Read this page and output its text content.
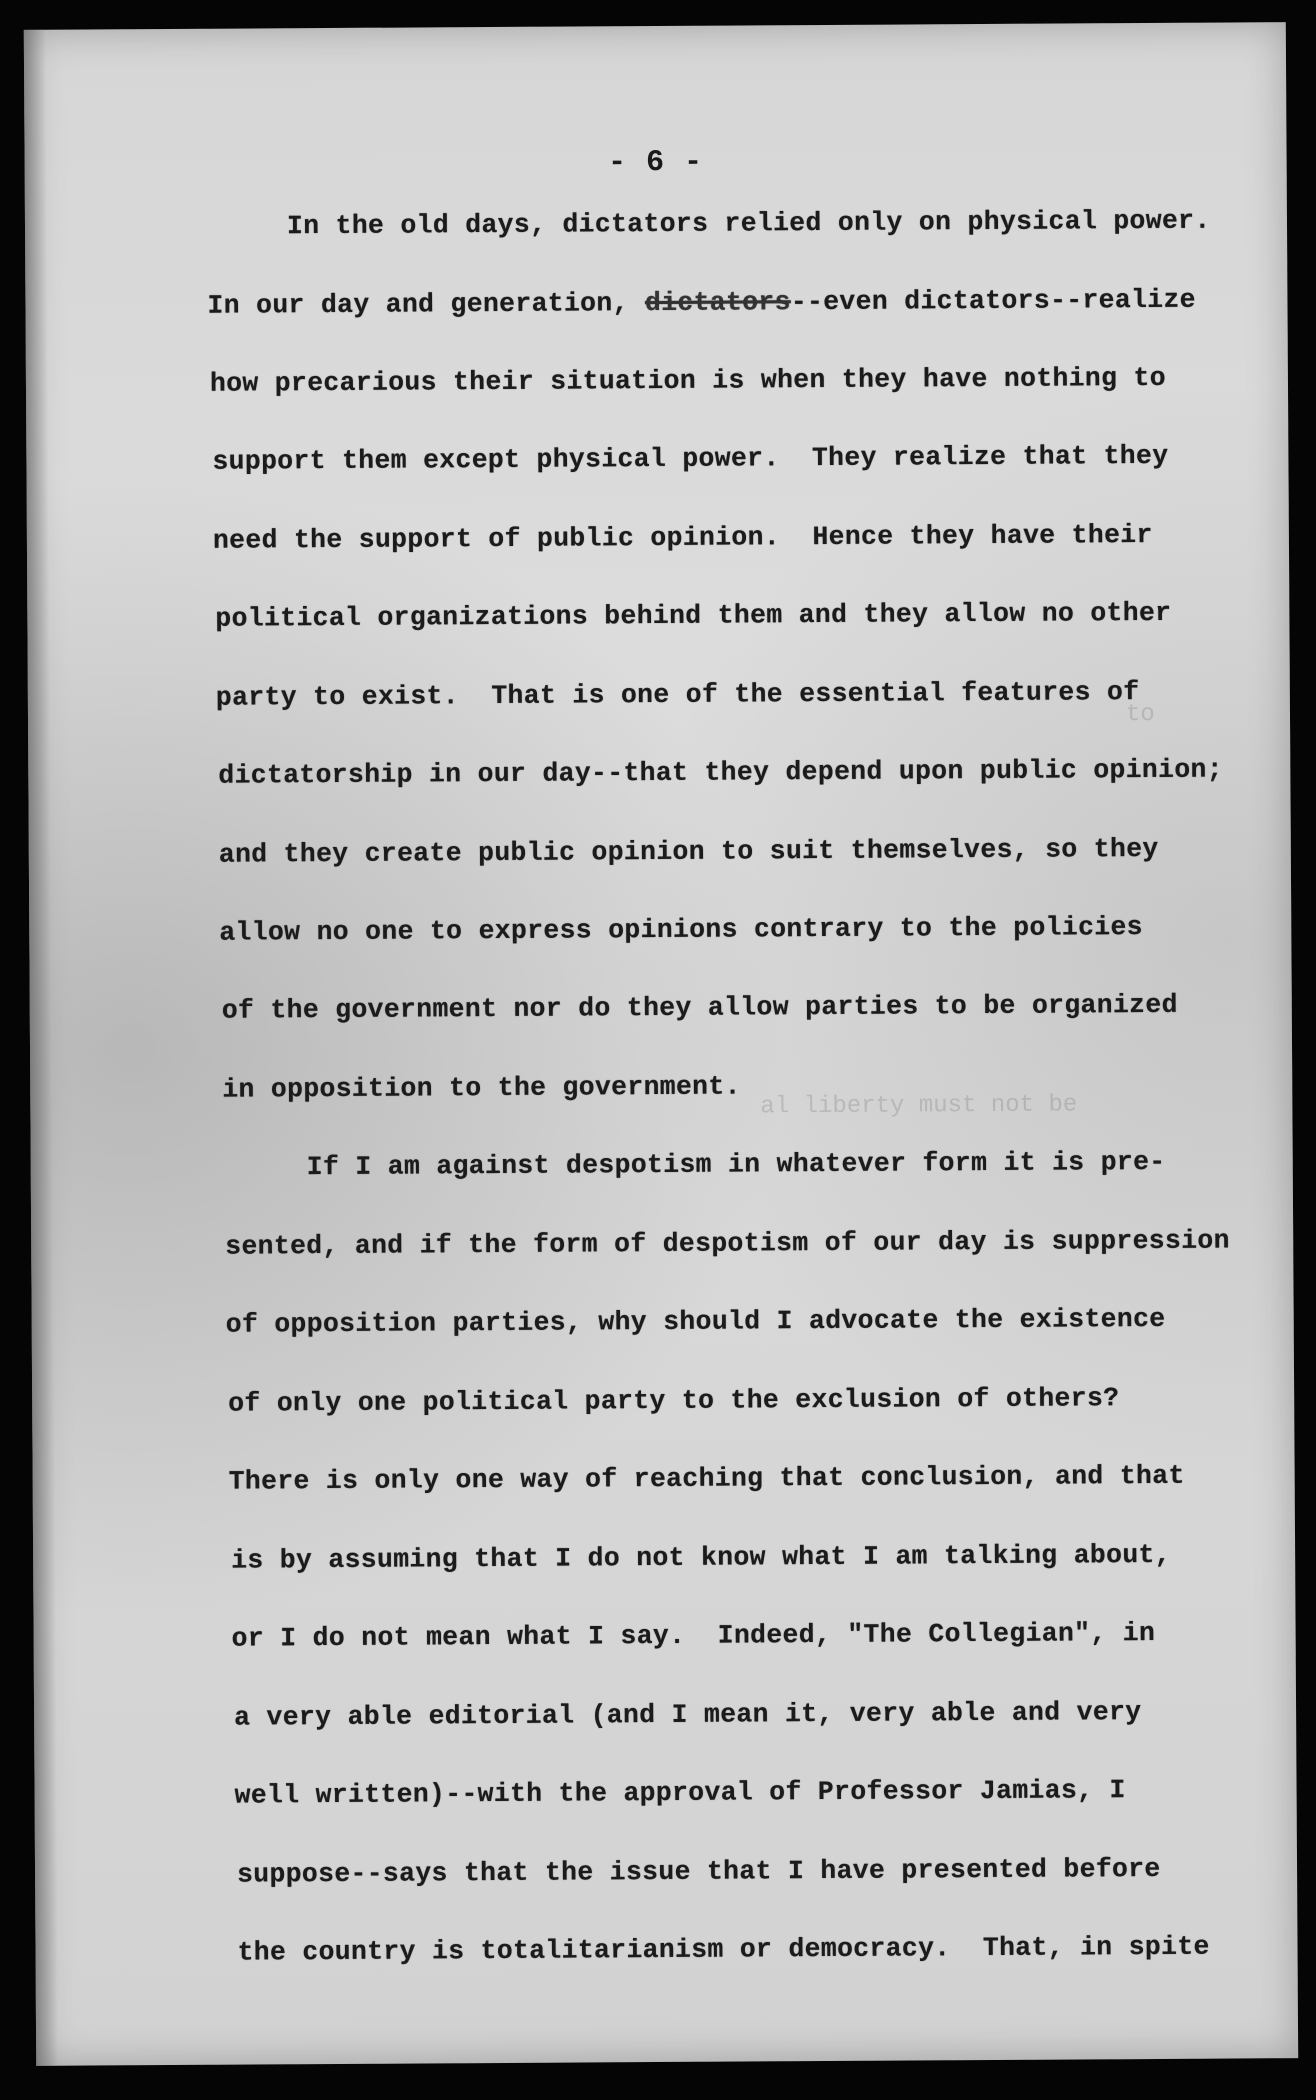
- 6 -
al liberty must not be
to
In the old days, dictators relied only on physical power.
In our day and generation, dictators--even dictators--realize
how precarious their situation is when they have nothing to
support them except physical power.  They realize that they
need the support of public opinion.  Hence they have their
political organizations behind them and they allow no other
party to exist.  That is one of the essential features of
dictatorship in our day--that they depend upon public opinion;
and they create public opinion to suit themselves, so they
allow no one to express opinions contrary to the policies
of the government nor do they allow parties to be organized
in opposition to the government.
If I am against despotism in whatever form it is pre-
sented, and if the form of despotism of our day is suppression
of opposition parties, why should I advocate the existence
of only one political party to the exclusion of others?
There is only one way of reaching that conclusion, and that
is by assuming that I do not know what I am talking about,
or I do not mean what I say.  Indeed, "The Collegian", in
a very able editorial (and I mean it, very able and very
well written)--with the approval of Professor Jamias, I
suppose--says that the issue that I have presented before
the country is totalitarianism or democracy.  That, in spite
